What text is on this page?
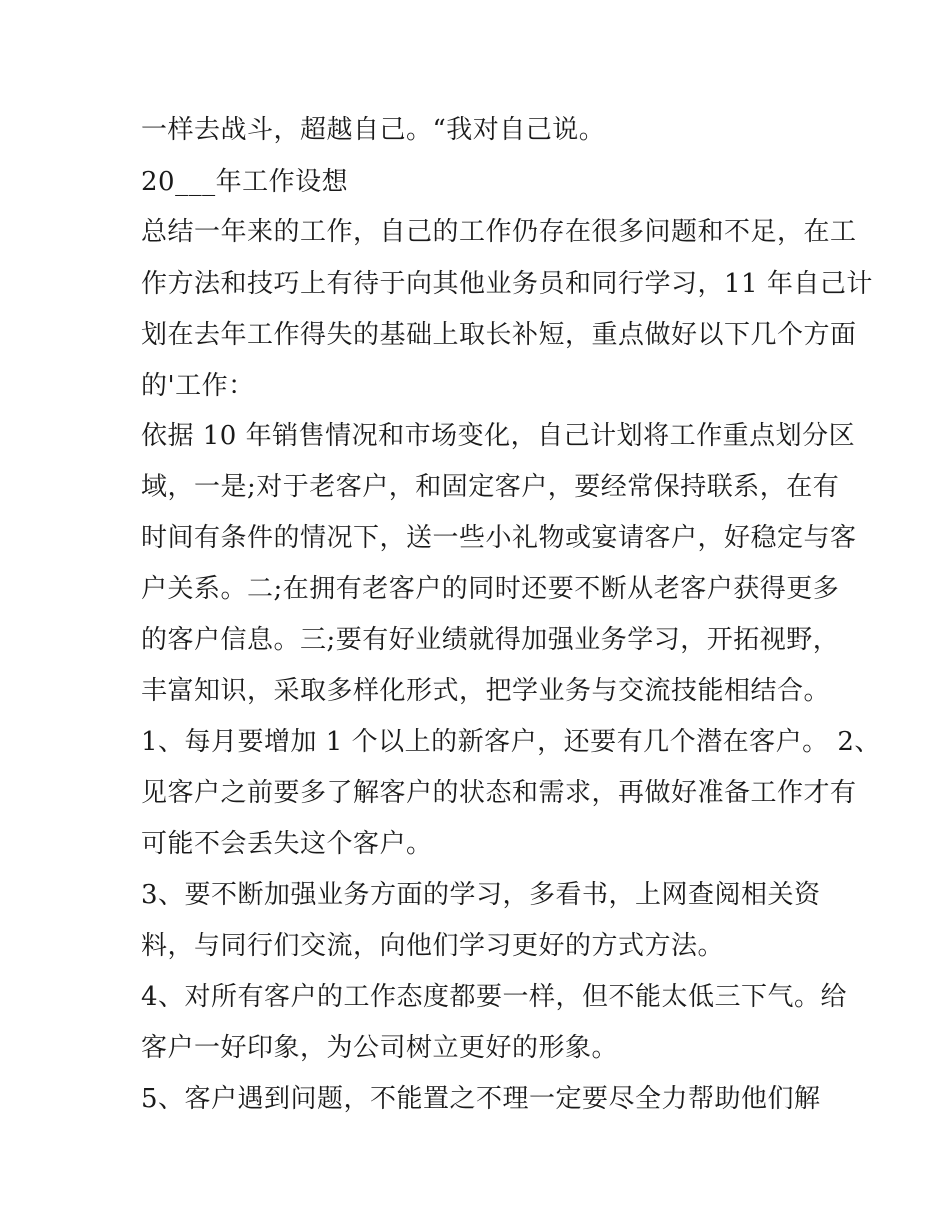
一样去战斗，超越自己。“我对自己说。
20___年工作设想
总结一年来的工作，自己的工作仍存在很多问题和不足，在工
作方法和技巧上有待于向其他业务员和同行学习，11 年自己计
划在去年工作得失的基础上取长补短，重点做好以下几个方面
的'工作：
依据 10 年销售情况和市场变化，自己计划将工作重点划分区
域，一是;对于老客户，和固定客户，要经常保持联系，在有
时间有条件的情况下，送一些小礼物或宴请客户，好稳定与客
户关系。二;在拥有老客户的同时还要不断从老客户获得更多
的客户信息。三;要有好业绩就得加强业务学习，开拓视野，
丰富知识，采取多样化形式，把学业务与交流技能相结合。
1、每月要增加 1 个以上的新客户，还要有几个潜在客户。 2、
见客户之前要多了解客户的状态和需求，再做好准备工作才有
可能不会丢失这个客户。
3、要不断加强业务方面的学习，多看书，上网查阅相关资
料，与同行们交流，向他们学习更好的方式方法。
4、对所有客户的工作态度都要一样，但不能太低三下气。给
客户一好印象，为公司树立更好的形象。
5、客户遇到问题，不能置之不理一定要尽全力帮助他们解
